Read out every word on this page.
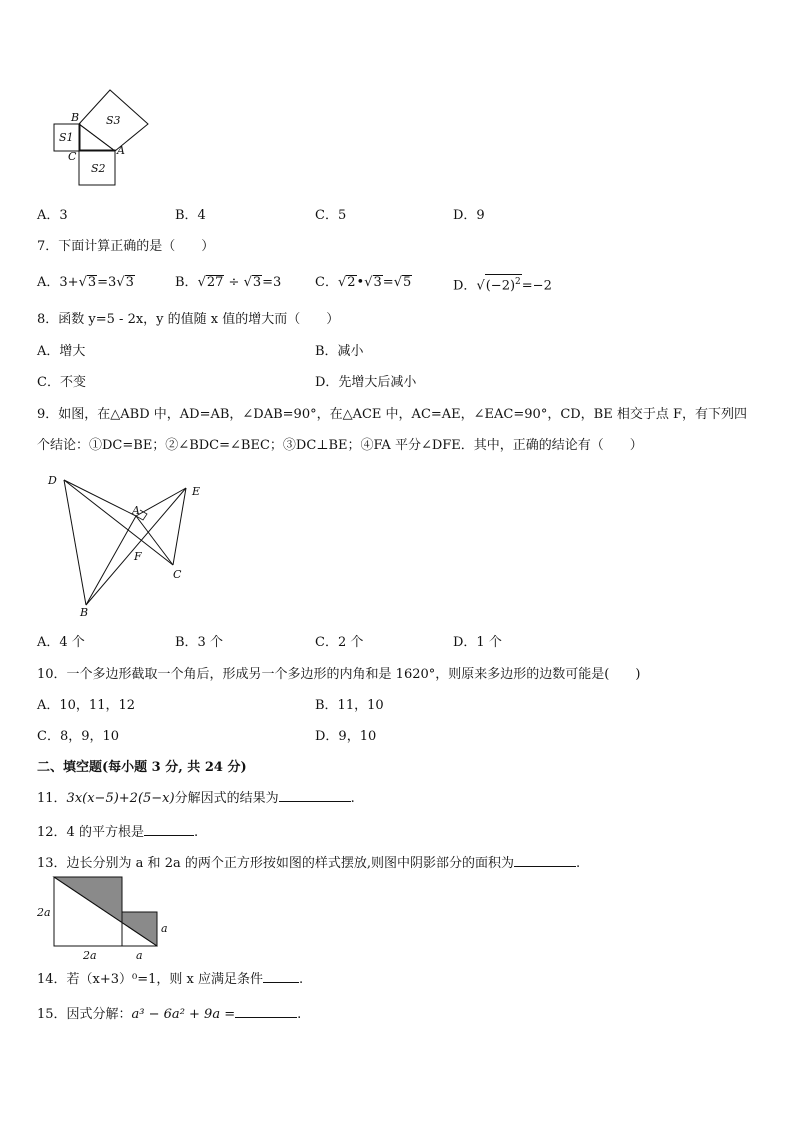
B
C	A
S1
S2
S3
A．3	B．4	C．5	D．9
7．下面计算正确的是（　　）
A．3+√3=3√3	B．√27 ÷ √3=3	C．√2•√3=√5	D．$√(-2)^2=-2$
8．函数 y=5 - 2x，y 的值随 x 值的增大而（　　）
A．增大	B．减小
C．不变	D．先增大后减小
9．如图，在△ABD 中，AD=AB，∠DAB=90°，在△ACE 中，AC=AE，∠EAC=90°，CD，BE 相交于点 F，有下列四
个结论：①DC=BE；②∠BDC=∠BEC；③DC⊥BE；④FA 平分∠DFE．其中，正确的结论有（　　）
D
E
A
F
C
B
A．4 个	B．3 个	C．2 个	D．1 个
10．一个多边形截取一个角后，形成另一个多边形的内角和是 1620°，则原来多边形的边数可能是(　　)
A．10，11，12	B．11，10
C．8，9，10	D．9，10
二、填空题(每小题 3 分, 共 24 分)
11．3x(x−5)+2(5−x)分解因式的结果为	.
12．4 的平方根是	.
13．边长分别为 a 和 2a 的两个正方形按如图的样式摆放,则图中阴影部分的面积为	.
2a
2a	a
a
14．若（x+3）⁰=1，则 x 应满足条件	.
15．因式分解：a³ − 6a² + 9a =	.
